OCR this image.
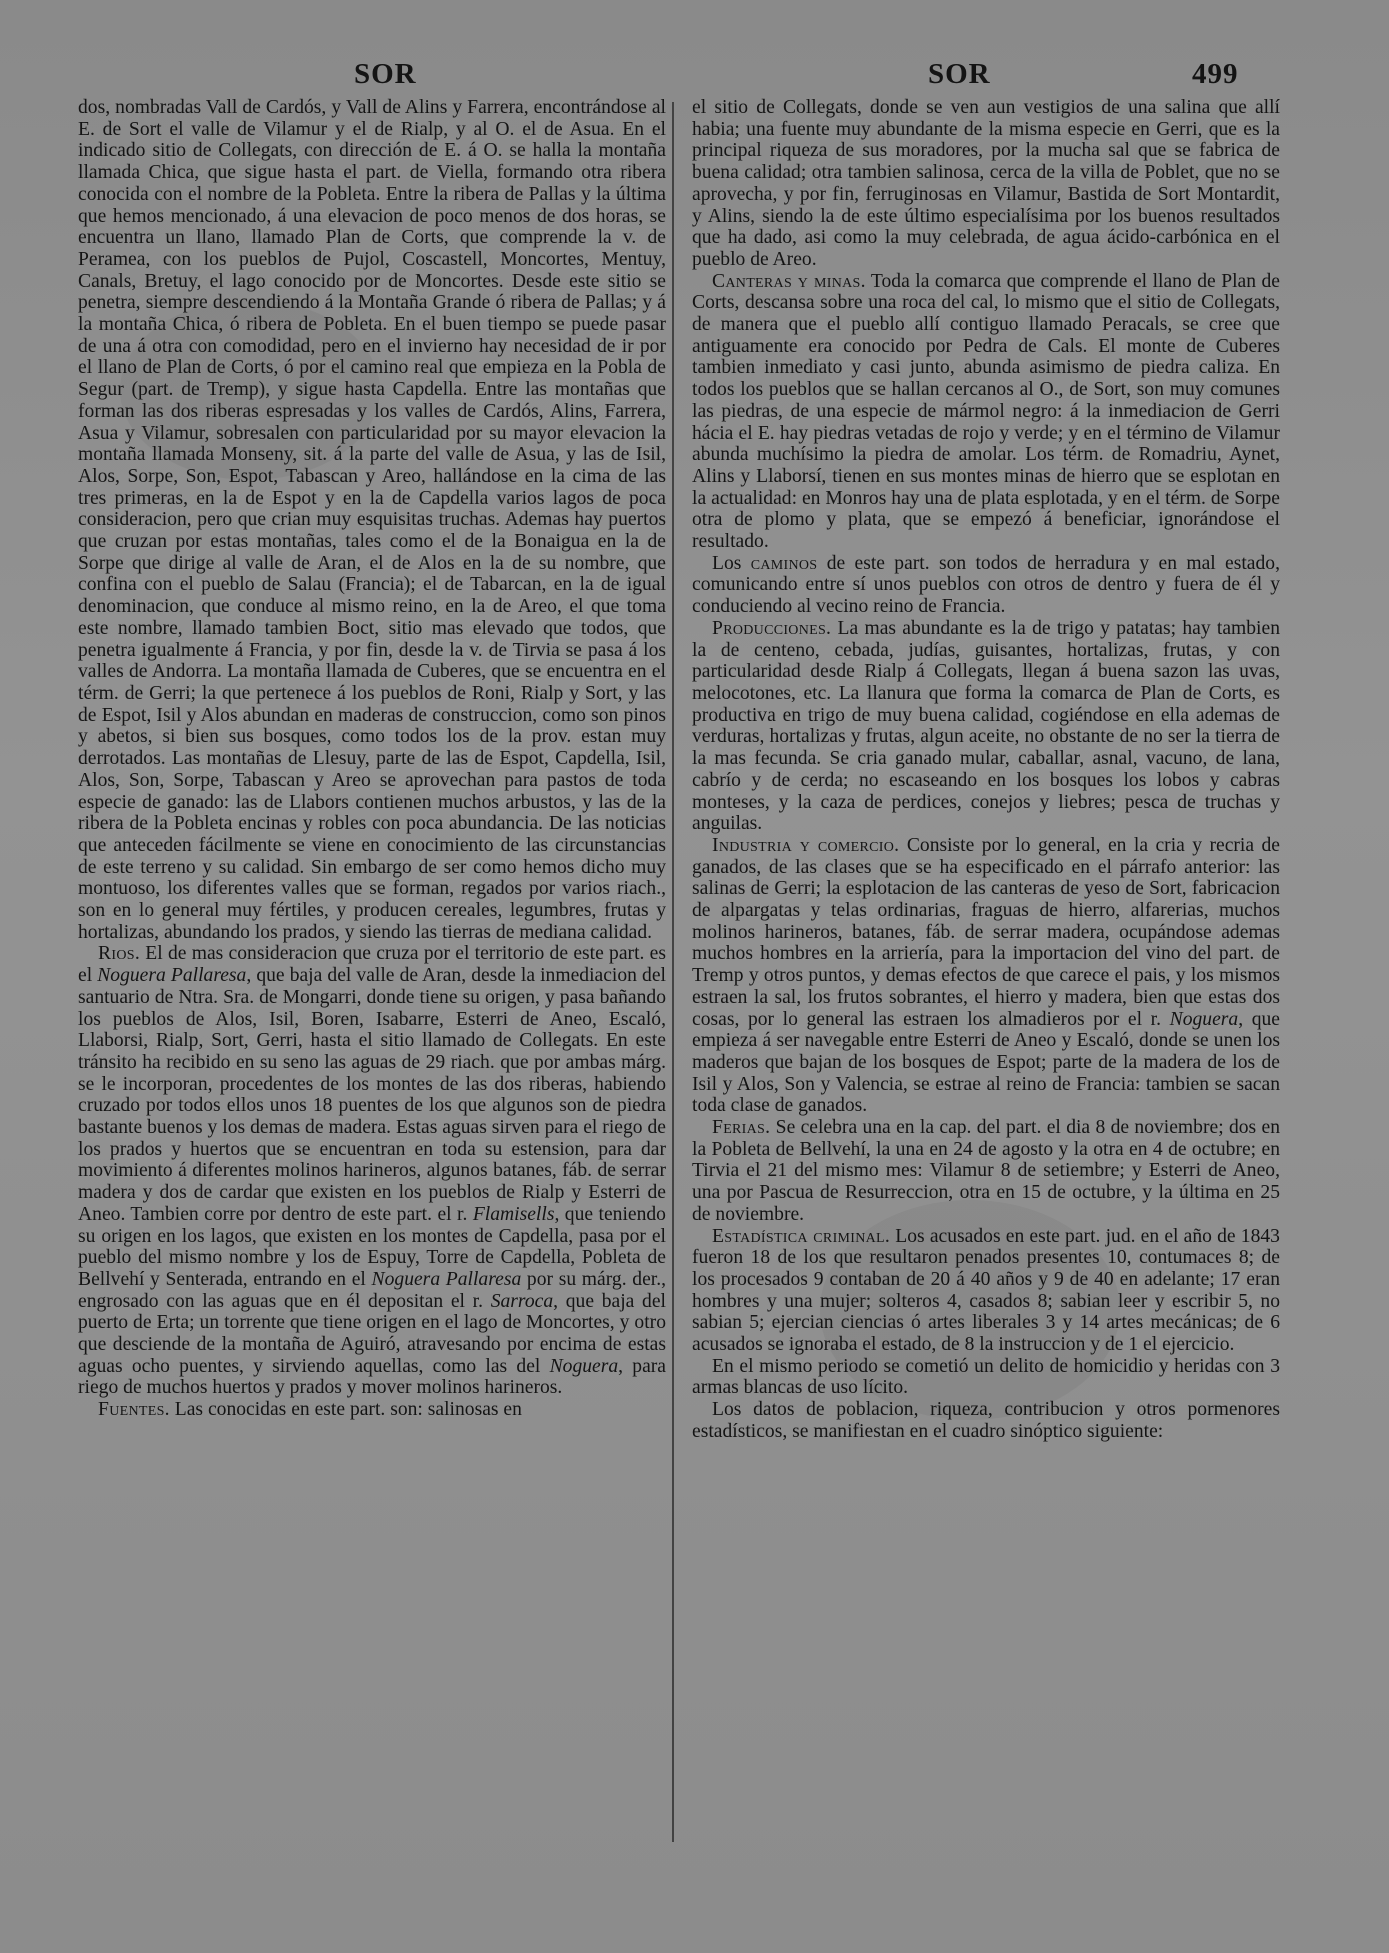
SOR	SOR	499

dos, nombradas Vall de Cardós, y Vall de Alins y Farrera, encontrándose al E. de Sort el valle de Vilamur y el de Rialp, y al O. el de Asua. En el indicado sitio de Collegats, con dirección de E. á O. se halla la montaña llamada Chica, que sigue hasta el part. de Viella, formando otra ribera conocida con el nombre de la Pobleta. Entre la ribera de Pallas y la última que hemos mencionado, á una elevacion de poco menos de dos horas, se encuentra un llano, llamado Plan de Corts, que comprende la v. de Peramea, con los pueblos de Pujol, Coscastell, Moncortes, Mentuy, Canals, Bretuy, el lago conocido por de Moncortes. Desde este sitio se penetra, siempre descendiendo á la Montaña Grande ó ribera de Pallas; y á la montaña Chica, ó ribera de Pobleta. En el buen tiempo se puede pasar de una á otra con comodidad, pero en el invierno hay necesidad de ir por el llano de Plan de Corts, ó por el camino real que empieza en la Pobla de Segur (part. de Tremp), y sigue hasta Capdella. Entre las montañas que forman las dos riberas espresadas y los valles de Cardós, Alins, Farrera, Asua y Vilamur, sobresalen con particularidad por su mayor elevacion la montaña llamada Monseny, sit. á la parte del valle de Asua, y las de Isil, Alos, Sorpe, Son, Espot, Tabascan y Areo, hallándose en la cima de las tres primeras, en la de Espot y en la de Capdella varios lagos de poca consideracion, pero que crian muy esquisitas truchas. Ademas hay puertos que cruzan por estas montañas, tales como el de la Bonaigua en la de Sorpe que dirige al valle de Aran, el de Alos en la de su nombre, que confina con el pueblo de Salau (Francia); el de Tabarcan, en la de igual denominacion, que conduce al mismo reino, en la de Areo, el que toma este nombre, llamado tambien Boct, sitio mas elevado que todos, que penetra igualmente á Francia, y por fin, desde la v. de Tirvia se pasa á los valles de Andorra. La montaña llamada de Cuberes, que se encuentra en el térm. de Gerri; la que pertenece á los pueblos de Roni, Rialp y Sort, y las de Espot, Isil y Alos abundan en maderas de construccion, como son pinos y abetos, si bien sus bosques, como todos los de la prov. estan muy derrotados. Las montañas de Llesuy, parte de las de Espot, Capdella, Isil, Alos, Son, Sorpe, Tabascan y Areo se aprovechan para pastos de toda especie de ganado: las de Llabors contienen muchos arbustos, y las de la ribera de la Pobleta encinas y robles con poca abundancia. De las noticias que anteceden fácilmente se viene en conocimiento de las circunstancias de este terreno y su calidad. Sin embargo de ser como hemos dicho muy montuoso, los diferentes valles que se forman, regados por varios riach., son en lo general muy fértiles, y producen cereales, legumbres, frutas y hortalizas, abundando los prados, y siendo las tierras de mediana calidad.

Rios. El de mas consideracion que cruza por el territorio de este part. es el Noguera Pallaresa, que baja del valle de Aran, desde la inmediacion del santuario de Ntra. Sra. de Mongarri, donde tiene su origen, y pasa bañando los pueblos de Alos, Isil, Boren, Isabarre, Esterri de Aneo, Escaló, Llaborsi, Rialp, Sort, Gerri, hasta el sitio llamado de Collegats. En este tránsito ha recibido en su seno las aguas de 29 riach. que por ambas márg. se le incorporan, procedentes de los montes de las dos riberas, habiendo cruzado por todos ellos unos 18 puentes de los que algunos son de piedra bastante buenos y los demas de madera. Estas aguas sirven para el riego de los prados y huertos que se encuentran en toda su estension, para dar movimiento á diferentes molinos harineros, algunos batanes, fáb. de serrar madera y dos de cardar que existen en los pueblos de Rialp y Esterri de Aneo. Tambien corre por dentro de este part. el r. Flamisells, que teniendo su origen en los lagos, que existen en los montes de Capdella, pasa por el pueblo del mismo nombre y los de Espuy, Torre de Capdella, Pobleta de Bellvehí y Senterada, entrando en el Noguera Pallaresa por su márg. der., engrosado con las aguas que en él depositan el r. Sarroca, que baja del puerto de Erta; un torrente que tiene origen en el lago de Moncortes, y otro que desciende de la montaña de Aguiró, atravesando por encima de estas aguas ocho puentes, y sirviendo aquellas, como las del Noguera, para riego de muchos huertos y prados y mover molinos harineros.

Fuentes. Las conocidas en este part. son: salinosas en

el sitio de Collegats, donde se ven aun vestigios de una salina que allí habia; una fuente muy abundante de la misma especie en Gerri, que es la principal riqueza de sus moradores, por la mucha sal que se fabrica de buena calidad; otra tambien salinosa, cerca de la villa de Poblet, que no se aprovecha, y por fin, ferruginosas en Vilamur, Bastida de Sort Montardit, y Alins, siendo la de este último especialísima por los buenos resultados que ha dado, asi como la muy celebrada, de agua ácido-carbónica en el pueblo de Areo.

Canteras y minas. Toda la comarca que comprende el llano de Plan de Corts, descansa sobre una roca del cal, lo mismo que el sitio de Collegats, de manera que el pueblo allí contiguo llamado Peracals, se cree que antiguamente era conocido por Pedra de Cals. El monte de Cuberes tambien inmediato y casi junto, abunda asimismo de piedra caliza. En todos los pueblos que se hallan cercanos al O., de Sort, son muy comunes las piedras, de una especie de mármol negro: á la inmediacion de Gerri hácia el E. hay piedras vetadas de rojo y verde; y en el término de Vilamur abunda muchísimo la piedra de amolar. Los térm. de Romadriu, Aynet, Alins y Llaborsí, tienen en sus montes minas de hierro que se esplotan en la actualidad: en Monros hay una de plata esplotada, y en el térm. de Sorpe otra de plomo y plata, que se empezó á beneficiar, ignorándose el resultado.

Los caminos de este part. son todos de herradura y en mal estado, comunicando entre sí unos pueblos con otros de dentro y fuera de él y conduciendo al vecino reino de Francia.

Producciones. La mas abundante es la de trigo y patatas; hay tambien la de centeno, cebada, judías, guisantes, hortalizas, frutas, y con particularidad desde Rialp á Collegats, llegan á buena sazon las uvas, melocotones, etc. La llanura que forma la comarca de Plan de Corts, es productiva en trigo de muy buena calidad, cogiéndose en ella ademas de verduras, hortalizas y frutas, algun aceite, no obstante de no ser la tierra de la mas fecunda. Se cria ganado mular, caballar, asnal, vacuno, de lana, cabrío y de cerda; no escaseando en los bosques los lobos y cabras monteses, y la caza de perdices, conejos y liebres; pesca de truchas y anguilas.

Industria y comercio. Consiste por lo general, en la cria y recria de ganados, de las clases que se ha especificado en el párrafo anterior: las salinas de Gerri; la esplotacion de las canteras de yeso de Sort, fabricacion de alpargatas y telas ordinarias, fraguas de hierro, alfarerias, muchos molinos harineros, batanes, fáb. de serrar madera, ocupándose ademas muchos hombres en la arriería, para la importacion del vino del part. de Tremp y otros puntos, y demas efectos de que carece el pais, y los mismos estraen la sal, los frutos sobrantes, el hierro y madera, bien que estas dos cosas, por lo general las estraen los almadieros por el r. Noguera, que empieza á ser navegable entre Esterri de Aneo y Escaló, donde se unen los maderos que bajan de los bosques de Espot; parte de la madera de los de Isil y Alos, Son y Valencia, se estrae al reino de Francia: tambien se sacan toda clase de ganados.

Ferias. Se celebra una en la cap. del part. el dia 8 de noviembre; dos en la Pobleta de Bellvehí, la una en 24 de agosto y la otra en 4 de octubre; en Tirvia el 21 del mismo mes: Vilamur 8 de setiembre; y Esterri de Aneo, una por Pascua de Resurreccion, otra en 15 de octubre, y la última en 25 de noviembre.

Estadística criminal. Los acusados en este part. jud. en el año de 1843 fueron 18 de los que resultaron penados presentes 10, contumaces 8; de los procesados 9 contaban de 20 á 40 años y 9 de 40 en adelante; 17 eran hombres y una mujer; solteros 4, casados 8; sabian leer y escribir 5, no sabian 5; ejercian ciencias ó artes liberales 3 y 14 artes mecánicas; de 6 acusados se ignoraba el estado, de 8 la instruccion y de 1 el ejercicio.

En el mismo periodo se cometió un delito de homicidio y heridas con 3 armas blancas de uso lícito.

Los datos de poblacion, riqueza, contribucion y otros pormenores estadísticos, se manifiestan en el cuadro sinóptico siguiente:
